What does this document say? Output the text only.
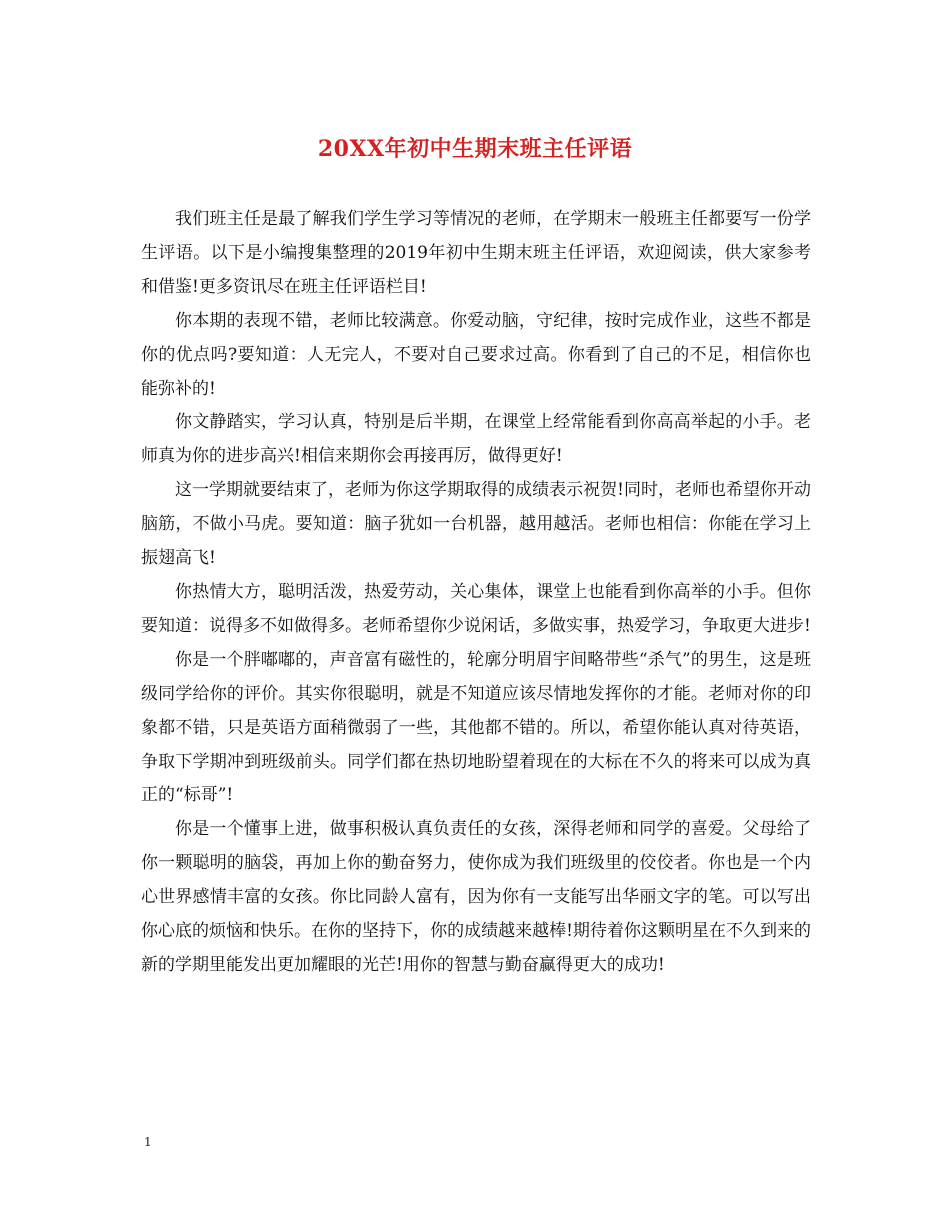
20XX年初中生期末班主任评语

我们班主任是最了解我们学生学习等情况的老师，在学期末一般班主任都要写一份学生评语。以下是小编搜集整理的2019年初中生期末班主任评语，欢迎阅读，供大家参考和借鉴!更多资讯尽在班主任评语栏目!

你本期的表现不错，老师比较满意。你爱动脑，守纪律，按时完成作业，这些不都是你的优点吗?要知道：人无完人，不要对自己要求过高。你看到了自己的不足，相信你也能弥补的!

你文静踏实，学习认真，特别是后半期，在课堂上经常能看到你高高举起的小手。老师真为你的进步高兴!相信来期你会再接再厉，做得更好!

这一学期就要结束了，老师为你这学期取得的成绩表示祝贺!同时，老师也希望你开动脑筋，不做小马虎。要知道：脑子犹如一台机器，越用越活。老师也相信：你能在学习上振翅高飞!

你热情大方，聪明活泼，热爱劳动，关心集体，课堂上也能看到你高举的小手。但你要知道：说得多不如做得多。老师希望你少说闲话，多做实事，热爱学习，争取更大进步!

你是一个胖嘟嘟的，声音富有磁性的，轮廓分明眉宇间略带些“杀气”的男生，这是班级同学给你的评价。其实你很聪明，就是不知道应该尽情地发挥你的才能。老师对你的印象都不错，只是英语方面稍微弱了一些，其他都不错的。所以，希望你能认真对待英语，争取下学期冲到班级前头。同学们都在热切地盼望着现在的大标在不久的将来可以成为真正的“标哥”!

你是一个懂事上进，做事积极认真负责任的女孩，深得老师和同学的喜爱。父母给了你一颗聪明的脑袋，再加上你的勤奋努力，使你成为我们班级里的佼佼者。你也是一个内心世界感情丰富的女孩。你比同龄人富有，因为你有一支能写出华丽文字的笔。可以写出你心底的烦恼和快乐。在你的坚持下，你的成绩越来越棒!期待着你这颗明星在不久到来的新的学期里能发出更加耀眼的光芒!用你的智慧与勤奋赢得更大的成功!

1
